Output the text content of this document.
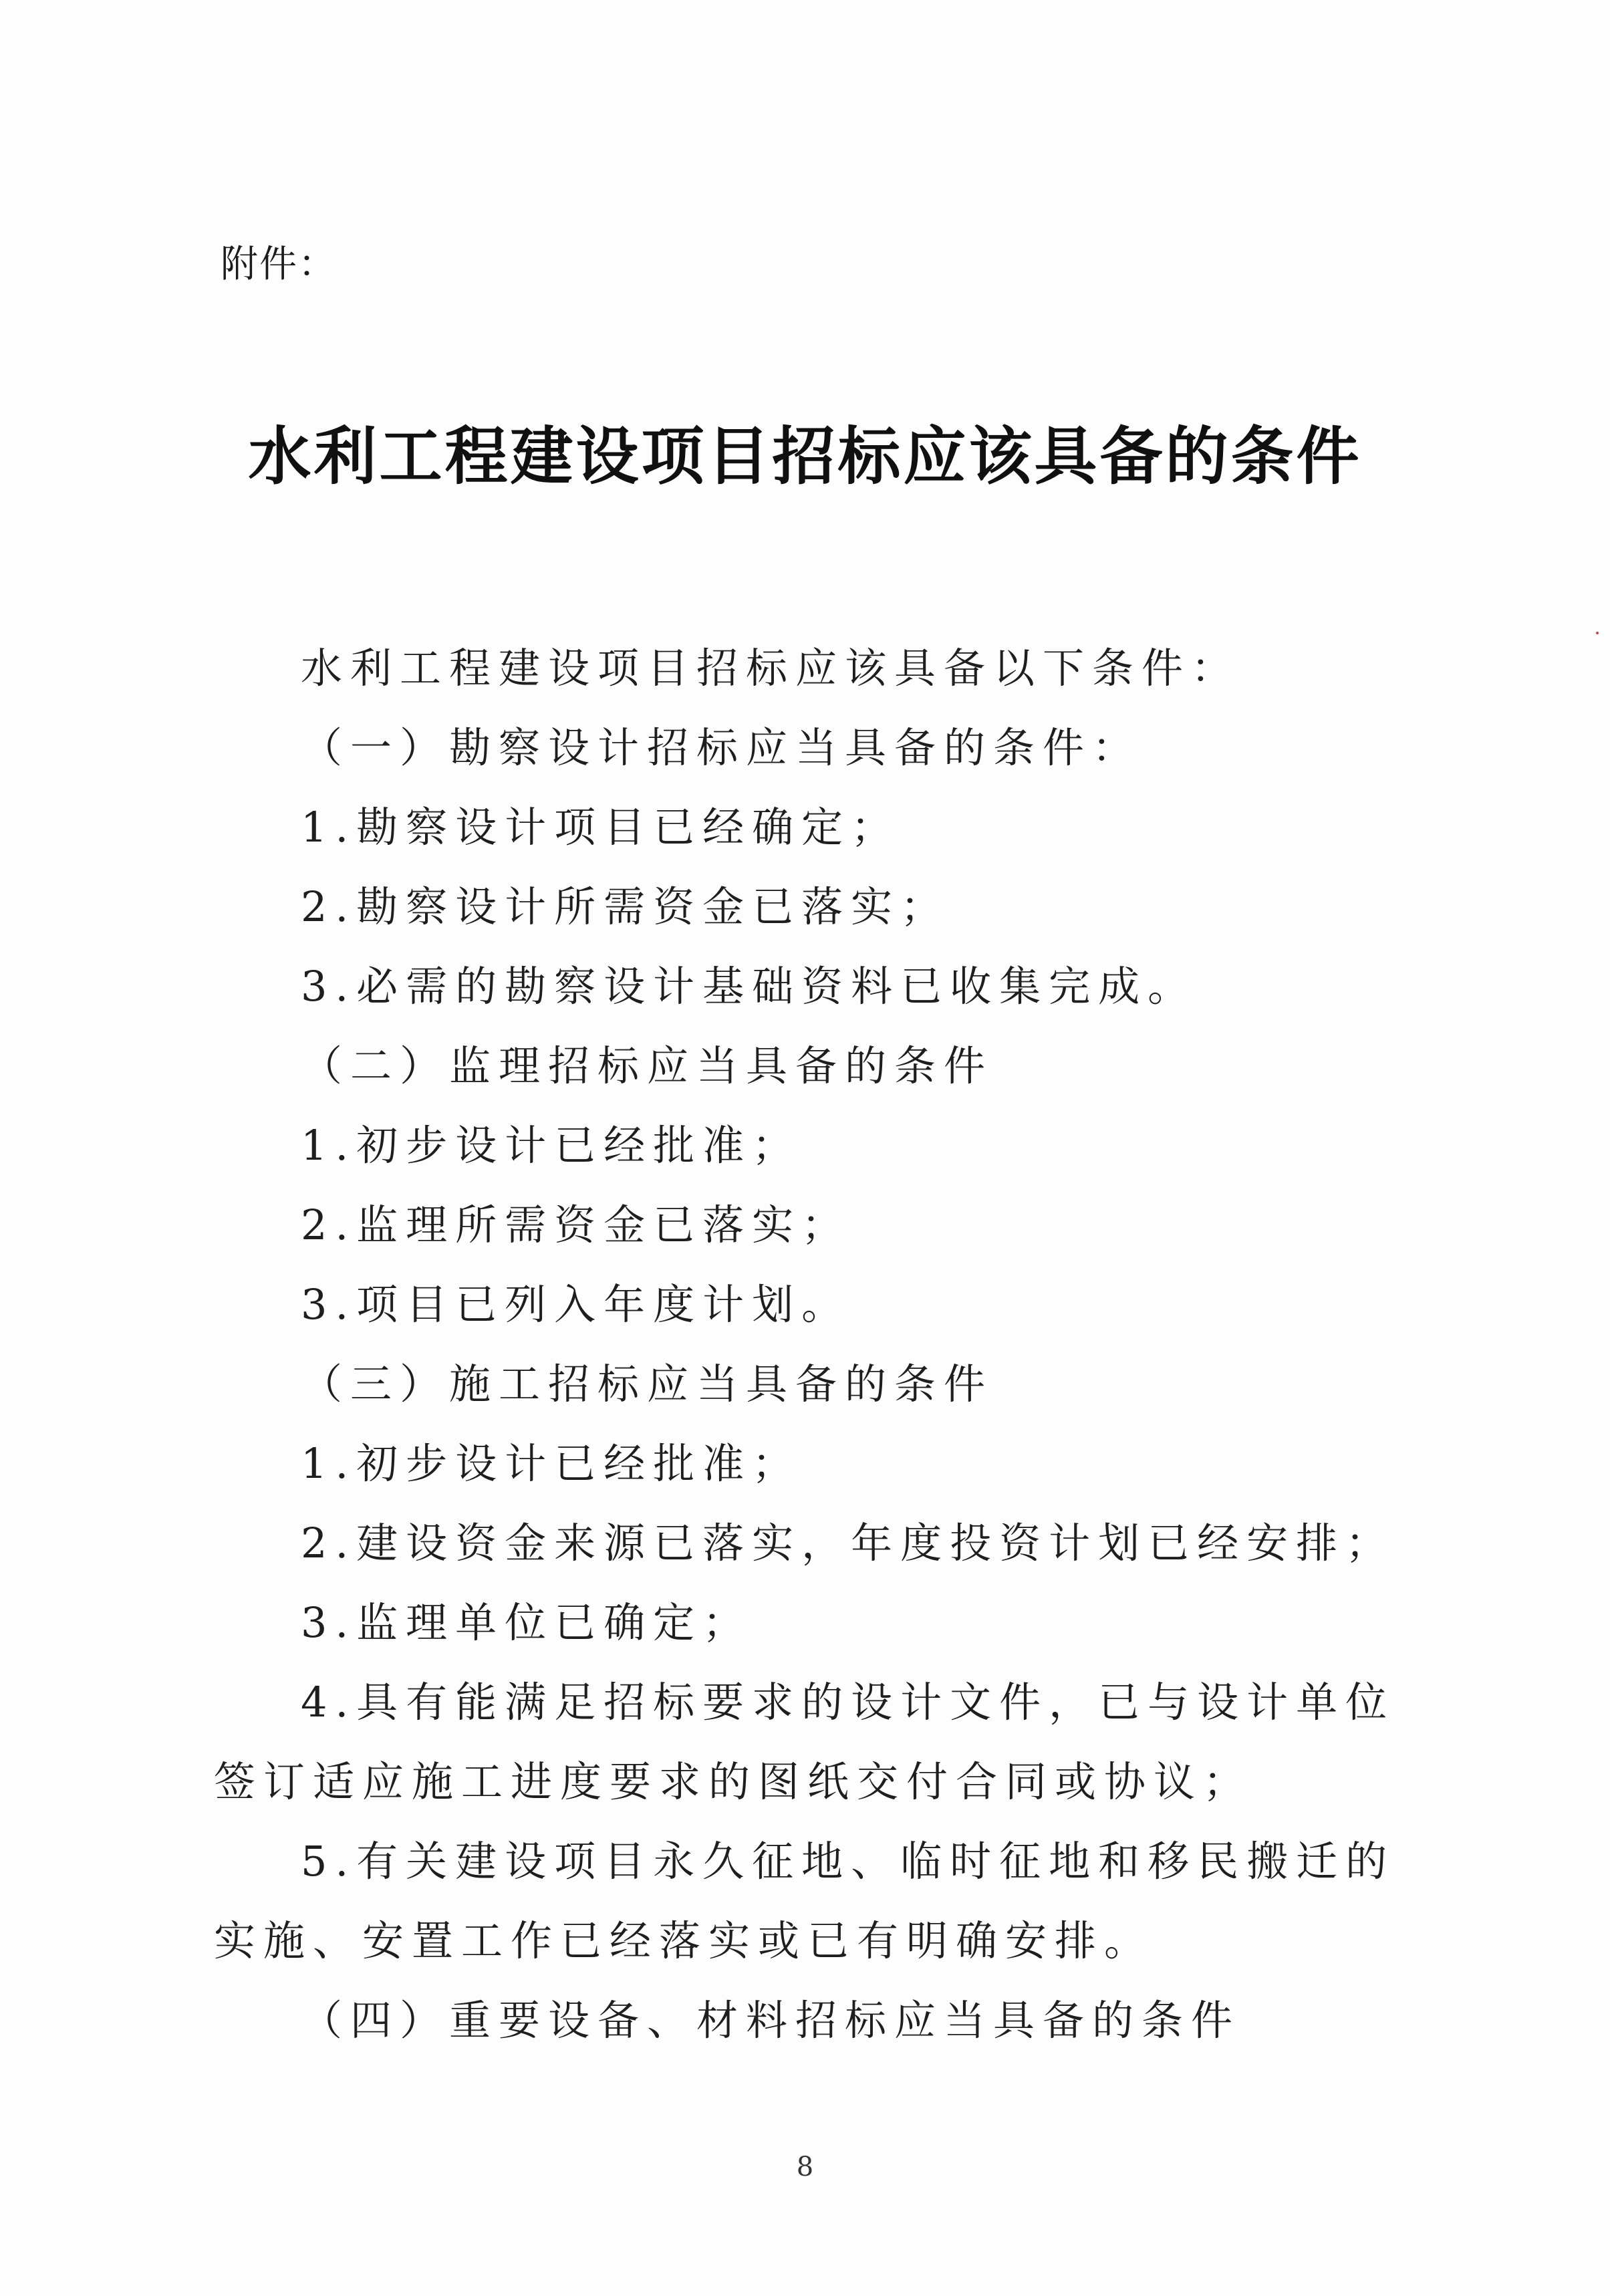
附件：
水利工程建设项目招标应该具备的条件

水利工程建设项目招标应该具备以下条件：

（一）勘察设计招标应当具备的条件：

1.勘察设计项目已经确定；

2.勘察设计所需资金已落实；

3.必需的勘察设计基础资料已收集完成。

（二）监理招标应当具备的条件

1.初步设计已经批准；

2.监理所需资金已落实；

3.项目已列入年度计划。

（三）施工招标应当具备的条件

1.初步设计已经批准；

2.建设资金来源已落实，年度投资计划已经安排；

3.监理单位已确定；

4.具有能满足招标要求的设计文件，已与设计单位签订适应施工进度要求的图纸交付合同或协议；

5.有关建设项目永久征地、临时征地和移民搬迁的实施、安置工作已经落实或已有明确安排。

（四）重要设备、材料招标应当具备的条件

8
